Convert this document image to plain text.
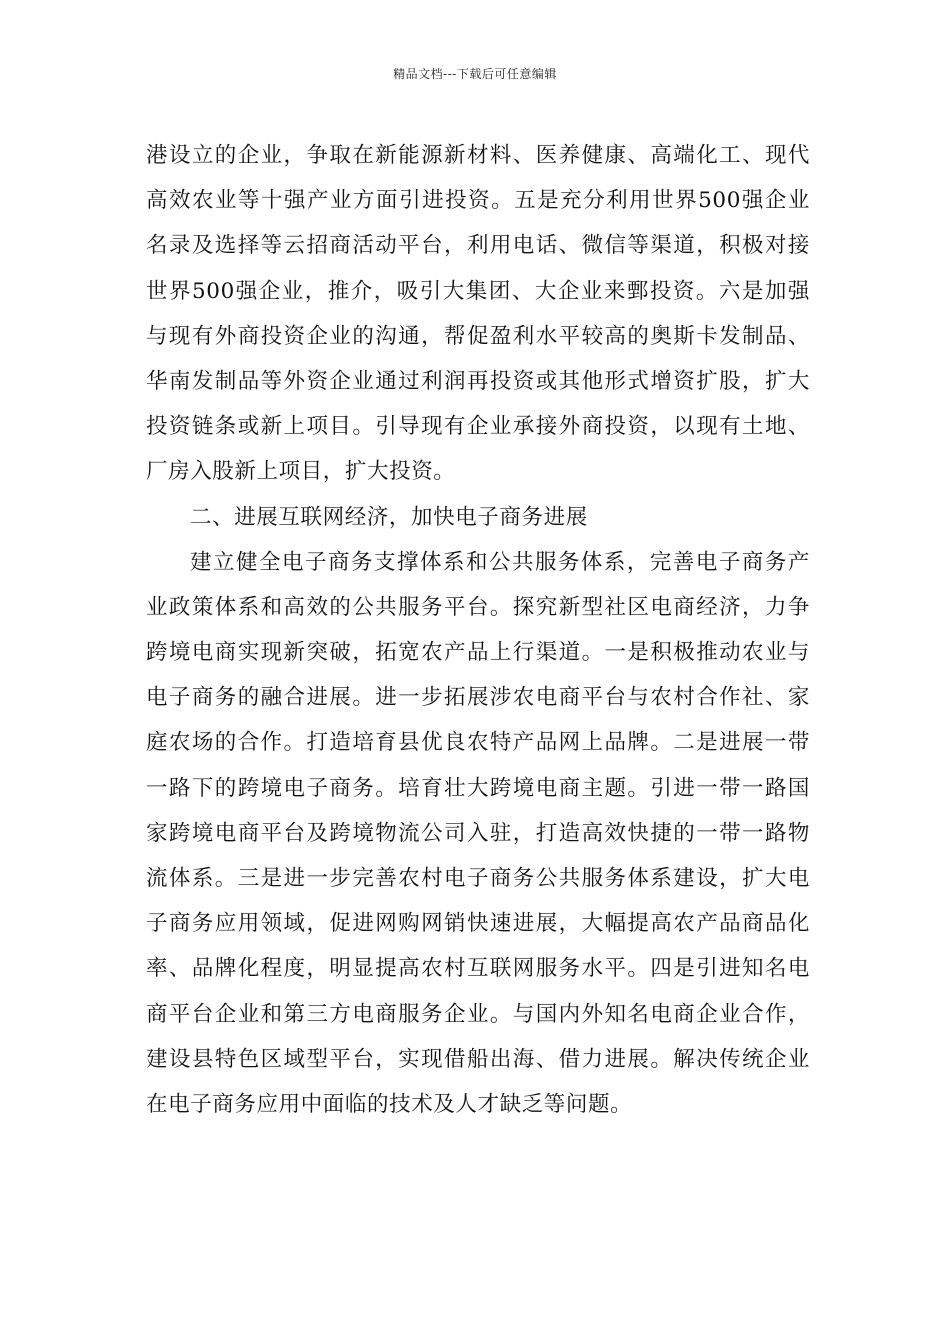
精品文档---下载后可任意编辑
港设立的企业，争取在新能源新材料、医养健康、高端化工、现代
高效农业等十强产业方面引进投资。五是充分利用世界500强企业
名录及选择等云招商活动平台，利用电话、微信等渠道，积极对接
世界500强企业，推介，吸引大集团、大企业来鄄投资。六是加强
与现有外商投资企业的沟通，帮促盈利水平较高的奥斯卡发制品、
华南发制品等外资企业通过利润再投资或其他形式增资扩股，扩大
投资链条或新上项目。引导现有企业承接外商投资，以现有土地、
厂房入股新上项目，扩大投资。
二、进展互联网经济，加快电子商务进展
建立健全电子商务支撑体系和公共服务体系，完善电子商务产
业政策体系和高效的公共服务平台。探究新型社区电商经济，力争
跨境电商实现新突破，拓宽农产品上行渠道。一是积极推动农业与
电子商务的融合进展。进一步拓展涉农电商平台与农村合作社、家
庭农场的合作。打造培育县优良农特产品网上品牌。二是进展一带
一路下的跨境电子商务。培育壮大跨境电商主题。引进一带一路国
家跨境电商平台及跨境物流公司入驻，打造高效快捷的一带一路物
流体系。三是进一步完善农村电子商务公共服务体系建设，扩大电
子商务应用领域，促进网购网销快速进展，大幅提高农产品商品化
率、品牌化程度，明显提高农村互联网服务水平。四是引进知名电
商平台企业和第三方电商服务企业。与国内外知名电商企业合作，
建设县特色区域型平台，实现借船出海、借力进展。解决传统企业
在电子商务应用中面临的技术及人才缺乏等问题。
